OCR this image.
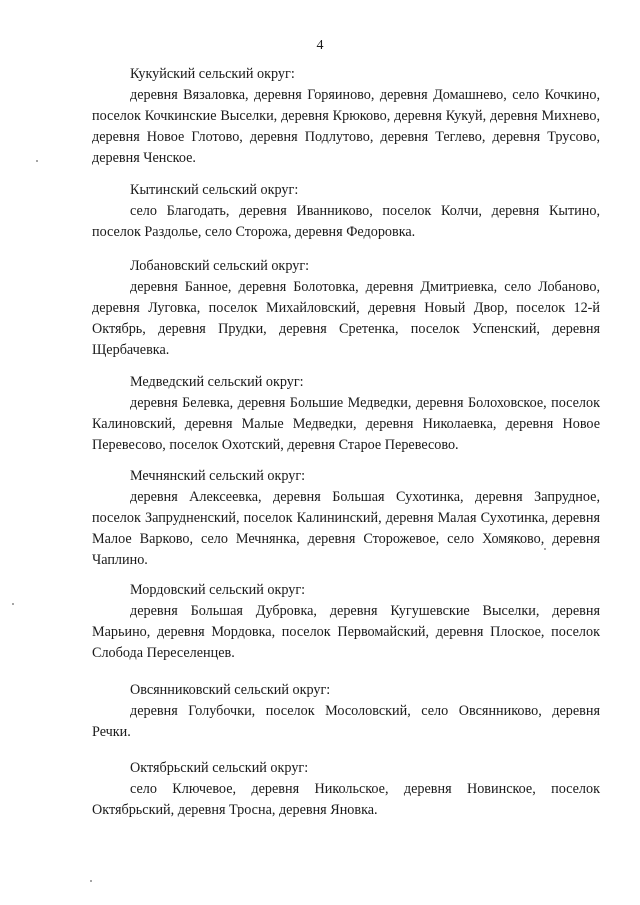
4
Кукуйский сельский округ:
деревня Вязаловка, деревня Горяиново, деревня Домашнево, село Кочкино, поселок Кочкинские Выселки, деревня Крюково, деревня Кукуй, деревня Михнево, деревня Новое Глотово, деревня Подлутово, деревня Теглево, деревня Трусово, деревня Ченское.
Кытинский сельский округ:
село Благодать, деревня Иванниково, поселок Колчи, деревня Кытино, поселок Раздолье, село Сторожа, деревня Федоровка.
Лобановский сельский округ:
деревня Банное, деревня Болотовка, деревня Дмитриевка, село Лобаново, деревня Луговка, поселок Михайловский, деревня Новый Двор, поселок 12-й Октябрь, деревня Прудки, деревня Сретенка, поселок Успенский, деревня Щербачевка.
Медведский сельский округ:
деревня Белевка, деревня Большие Медведки, деревня Болоховское, поселок Калиновский, деревня Малые Медведки, деревня Николаевка, деревня Новое Перевесово, поселок Охотский, деревня Старое Перевесово.
Мечнянский сельский округ:
деревня Алексеевка, деревня Большая Сухотинка, деревня Запрудное, поселок Запрудненский, поселок Калининский, деревня Малая Сухотинка, деревня Малое Варково, село Мечнянка, деревня Сторожевое, село Хомяково, деревня Чаплино.
Мордовский сельский округ:
деревня Большая Дубровка, деревня Кугушевские Выселки, деревня Марьино, деревня Мордовка, поселок Первомайский, деревня Плоское, поселок Слобода Переселенцев.
Овсянниковский сельский округ:
деревня Голубочки, поселок Мосоловский, село Овсянниково, деревня Речки.
Октябрьский сельский округ:
село Ключевое, деревня Никольское, деревня Новинское, поселок Октябрьский, деревня Тросна, деревня Яновка.
